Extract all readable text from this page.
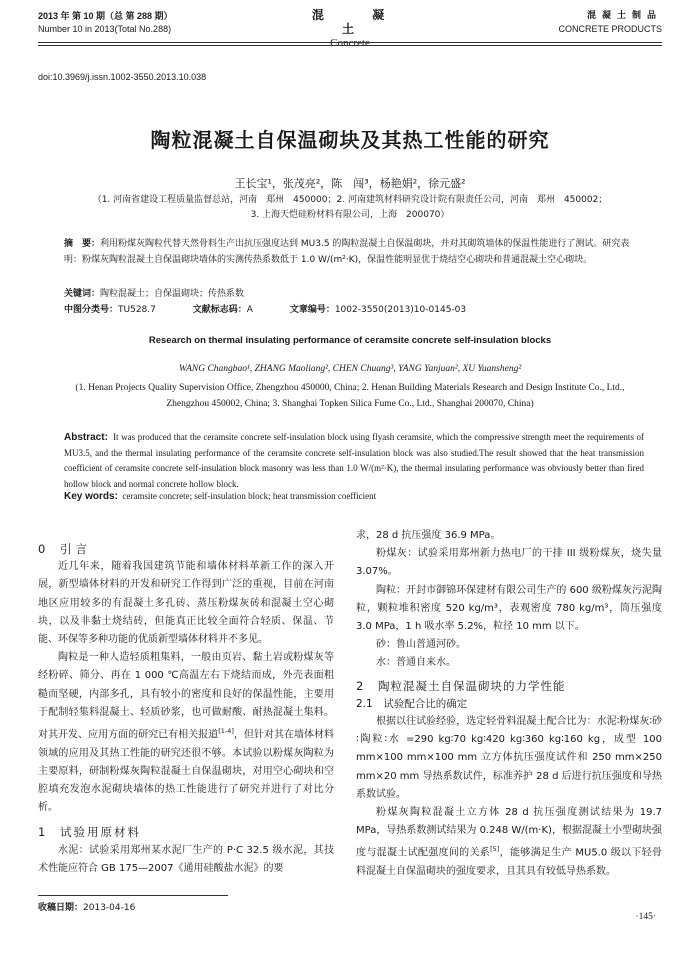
2013 年 第 10 期（总 第 288 期）
Number 10 in 2013(Total No.288)
混 凝 土
Concrete
混凝土制品
CONCRETE PRODUCTS
doi:10.3969/j.issn.1002-3550.2013.10.038
陶粒混凝土自保温砌块及其热工性能的研究
王长宝¹，张茂亮²，陈　闯³，杨艳娟²，徐元盛²
（1. 河南省建设工程质量监督总站，河南　郑州　450000；2. 河南建筑材料研究设计院有限责任公司，河南　郑州　450002；
3. 上海天恺硅粉材料有限公司，上海　200070）
摘　要：利用粉煤灰陶粒代替天然骨料生产出抗压强度达到 MU3.5 的陶粒混凝土自保温砌块，并对其砌筑墙体的保温性能进行了测试。研究表明：粉煤灰陶粒混凝土自保温砌块墙体的实测传热系数低于 1.0 W/(m²·K)，保温性能明显优于烧结空心砌块和普通混凝土空心砌块。
关键词：陶粒混凝土；自保温砌块；传热系数
中图分类号：TU528.7	文献标志码：A	文章编号：1002-3550(2013)10-0145-03
Research on thermal insulating performance of ceramsite concrete self-insulation blocks
WANG Changbao¹, ZHANG Maoliang², CHEN Chuang³, YANG Yanjuan², XU Yuansheng²
(1. Henan Projects Quality Supervision Office, Zhengzhou 450000, China; 2. Henan Building Materials Research and Design Institute Co., Ltd., Zhengzhou 450002, China; 3. Shanghai Topken Silica Fume Co., Ltd., Shanghai 200070, China)
Abstract: It was produced that the ceramsite concrete self-insulation block using flyash ceramsite, which the compressive strength meet the requirements of MU3.5, and the thermal insulating performance of the ceramsite concrete self-insulation block was also studied.The result showed that the heat transmission coefficient of ceramsite concrete self-insulation block masonry was less than 1.0 W/(m²·K), the thermal insulating performance was obviously better than fired hollow block and normal concrete hollow block.
Key words: ceramsite concrete; self-insulation block; heat transmission coefficient

0 引言

近几年来，随着我国建筑节能和墙体材料革新工作的深入开展，新型墙体材料的开发和研究工作得到广泛的重视，目前在河南地区应用较多的有混凝土多孔砖、蒸压粉煤灰砖和混凝土空心砌块，以及非黏土烧结砖，但能真正比较全面符合轻质、保温、节能、环保等多种功能的优质新型墙体材料并不多见。

陶粒是一种人造轻质粗集料，一般由页岩、黏土岩或粉煤灰等经粉碎、筛分、再在 1 000 ℃高温左右下烧结而成，外壳表面粗糙而坚硬，内部多孔，具有较小的密度和良好的保温性能，主要用于配制轻集料混凝土、轻质砂浆，也可做耐酸、耐热混凝土集料。对其开发、应用方面的研究已有相关报道[1-4]，但针对其在墙体材料领域的应用及其热工性能的研究还很不够。本试验以粉煤灰陶粒为主要原料，研制粉煤灰陶粒混凝土自保温砌块，对用空心砌块和空腔填充发泡水泥砌块墙体的热工性能进行了研究并进行了对比分析。

1 试验用原材料

水泥：试验采用郑州某水泥厂生产的 P·C 32.5 级水泥，其技术性能应符合 GB 175—2007《通用硅酸盐水泥》的要

求，28 d 抗压强度 36.9 MPa。

粉煤灰：试验采用郑州新力热电厂的干排 III 级粉煤灰，烧失量 3.07%。

陶粒：开封市御锦环保建材有限公司生产的 600 级粉煤灰污泥陶粒，颗粒堆积密度 520 kg/m³，表观密度 780 kg/m³，筒压强度 3.0 MPa，1 h 吸水率 5.2%，粒径 10 mm 以下。

砂：鲁山普通河砂。

水：普通自来水。

2 陶粒混凝土自保温砌块的力学性能

2.1　试验配合比的确定

根据以往试验经验，选定轻骨料混凝土配合比为：水泥∶粉煤灰∶砂∶陶粒∶水 =290 kg∶70 kg∶420 kg∶360 kg∶160 kg，成型 100 mm×100 mm×100 mm 立方体抗压强度试件和 250 mm×250 mm×20 mm 导热系数试件，标准养护 28 d 后进行抗压强度和导热系数试验。

粉煤灰陶粒混凝土立方体 28 d 抗压强度测试结果为 19.7 MPa，导热系数测试结果为 0.248 W/(m·K)，根据混凝土小型砌块强度与混凝土试配强度间的关系[5]，能够满足生产 MU5.0 级以下轻骨料混凝土自保温砌块的强度要求，且其具有较低导热系数。

收稿日期：2013-04-16
·145·
